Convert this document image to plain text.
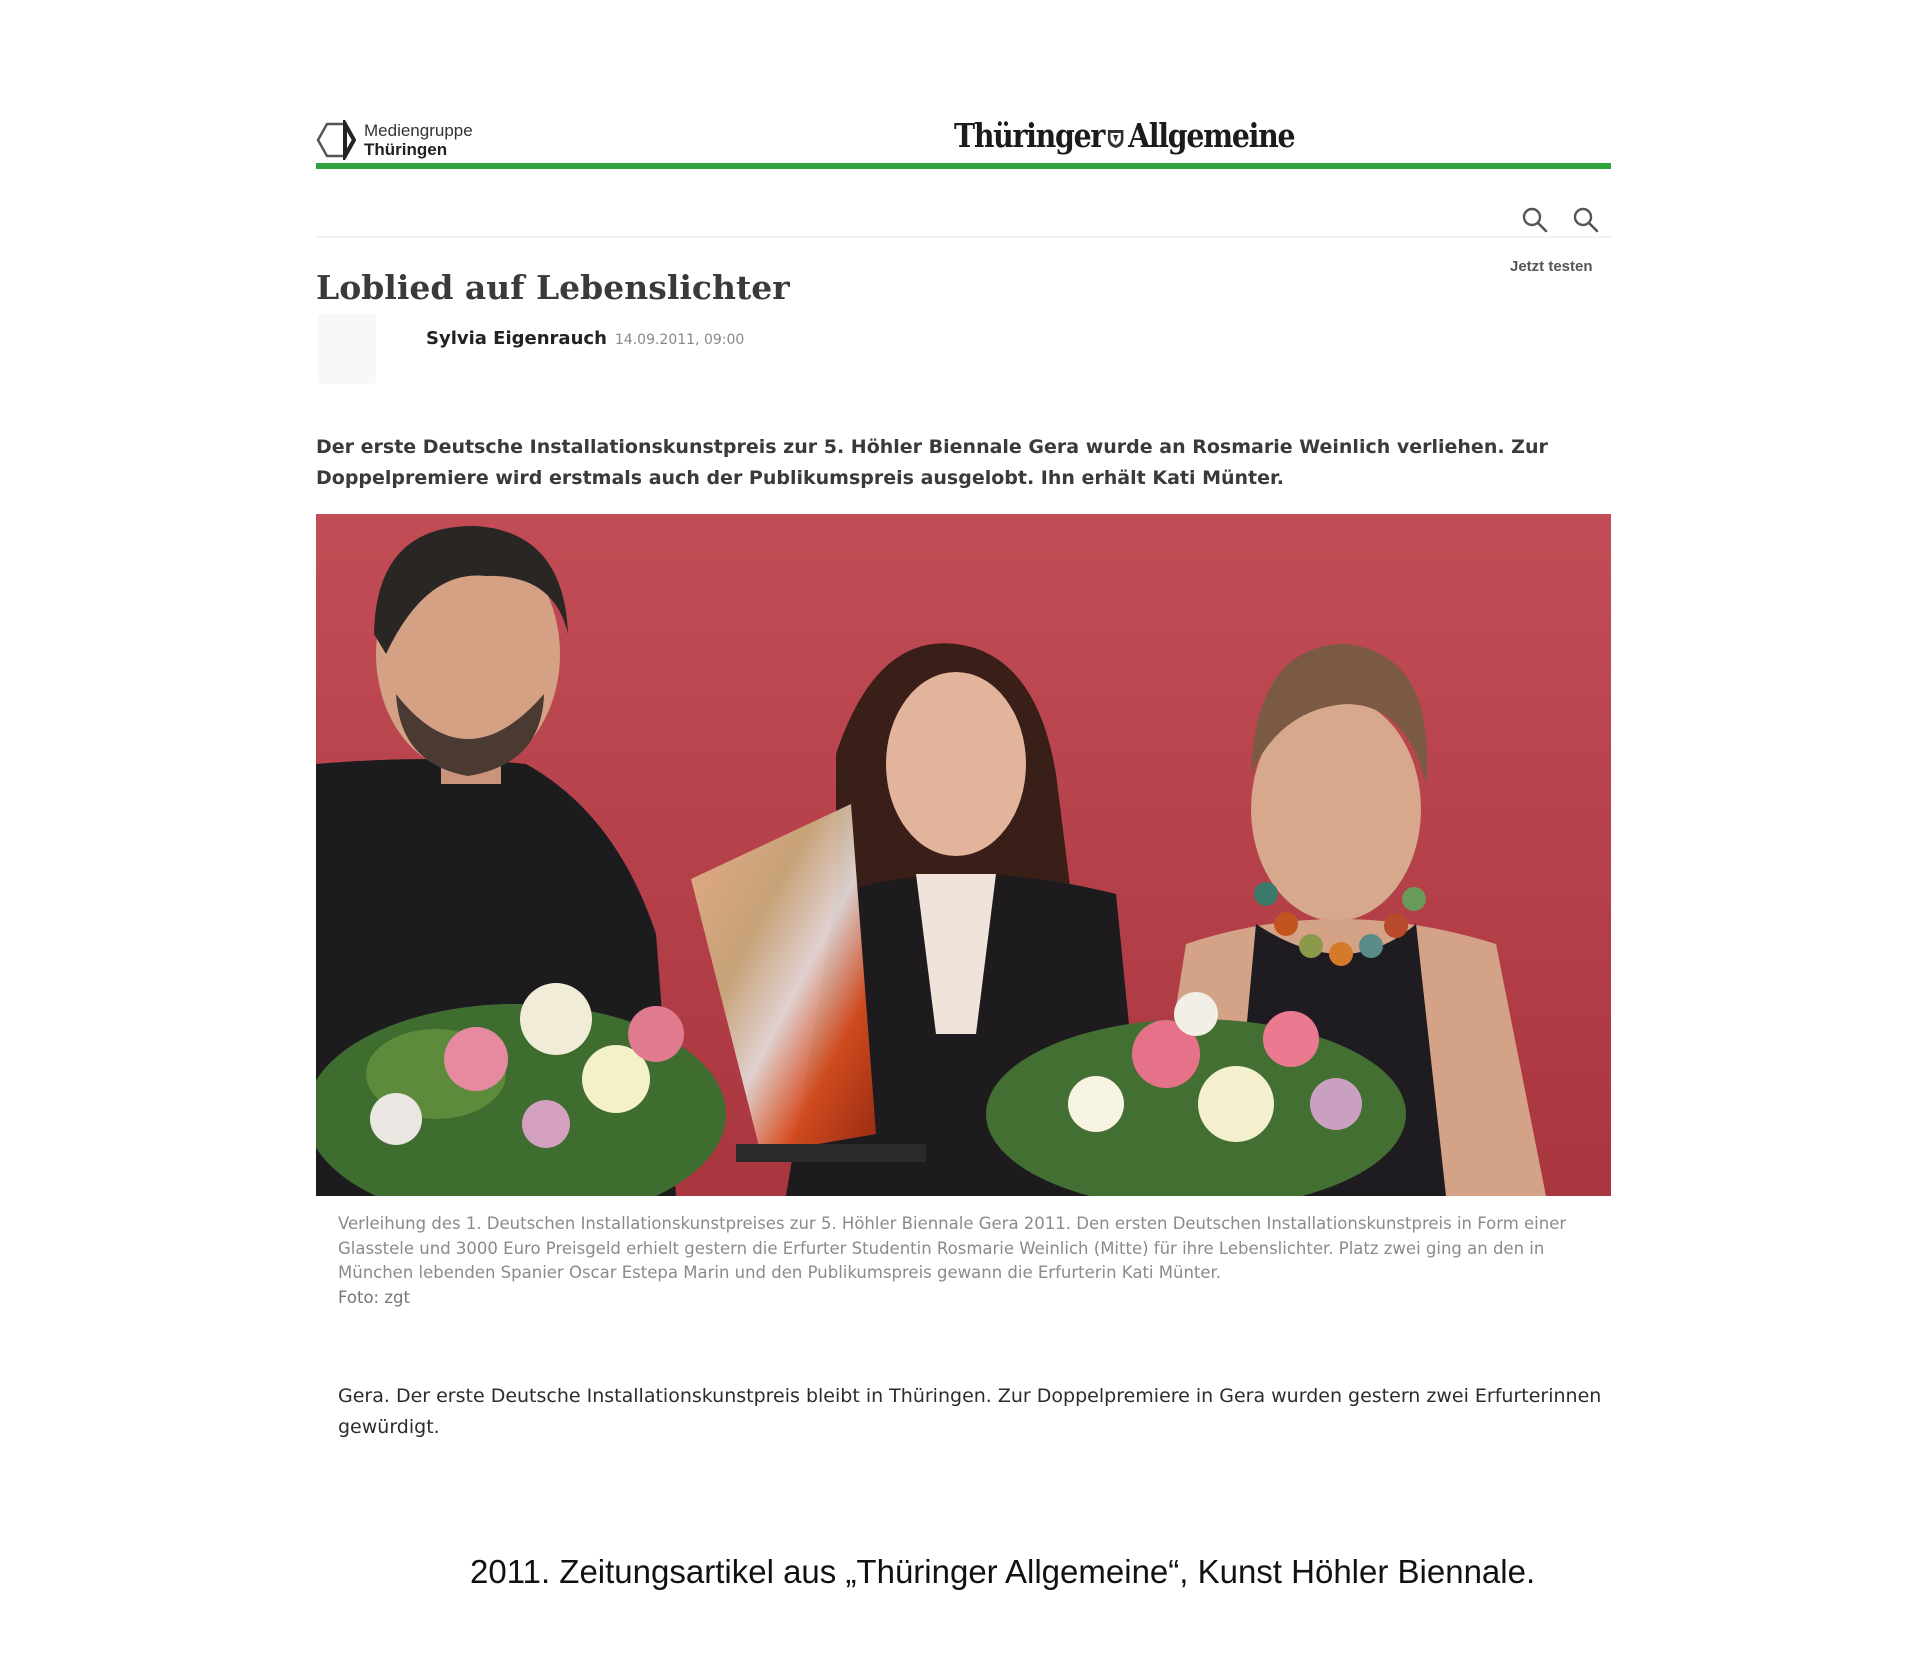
Mediengruppe
Thüringen	Thüringer Allgemeine
Jetzt testen
Loblied auf Lebenslichter
Sylvia Eigenrauch 14.09.2011, 09:00

Der erste Deutsche Installationskunstpreis zur 5. Höhler Biennale Gera wurde an Rosmarie Weinlich verliehen. Zur Doppelpremiere wird erstmals auch der Publikumspreis ausgelobt. Ihn erhält Kati Münter.

Verleihung des 1. Deutschen Installationskunstpreises zur 5. Höhler Biennale Gera 2011. Den ersten Deutschen Installationskunstpreis in Form einer Glasstele und 3000 Euro Preisgeld erhielt gestern die Erfurter Studentin Rosmarie Weinlich (Mitte) für ihre Lebenslichter. Platz zwei ging an den in München lebenden Spanier Oscar Estepa Marin und den Publikumspreis gewann die Erfurterin Kati Münter.
Foto: zgt

Gera. Der erste Deutsche Installationskunstpreis bleibt in Thüringen. Zur Doppelpremiere in Gera wurden gestern zwei Erfurterinnen gewürdigt.

2011. Zeitungsartikel aus „Thüringer Allgemeine“, Kunst Höhler Biennale.
